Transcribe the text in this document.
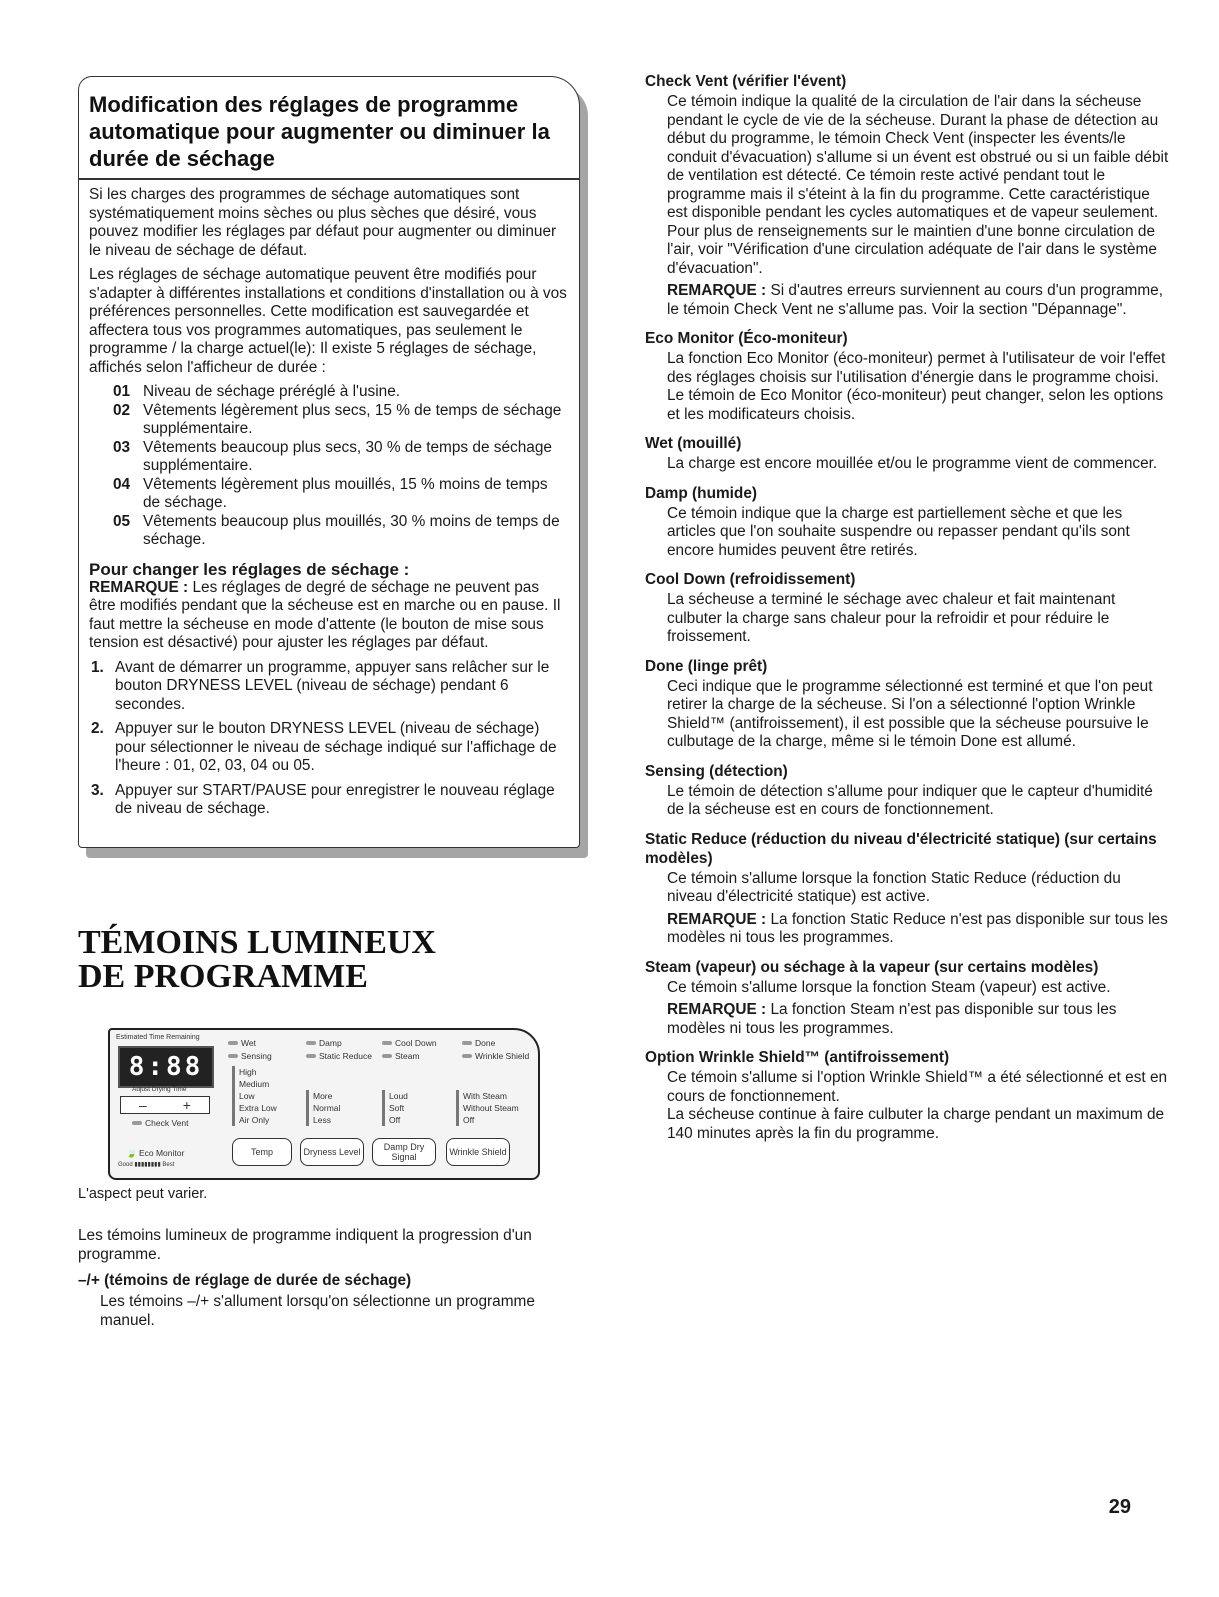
Modification des réglages de programme automatique pour augmenter ou diminuer la durée de séchage

Si les charges des programmes de séchage automatiques sont systématiquement moins sèches ou plus sèches que désiré, vous pouvez modifier les réglages par défaut pour augmenter ou diminuer le niveau de séchage de défaut.

Les réglages de séchage automatique peuvent être modifiés pour s'adapter à différentes installations et conditions d'installation ou à vos préférences personnelles. Cette modification est sauvegardée et affectera tous vos programmes automatiques, pas seulement le programme / la charge actuel(le): Il existe 5 réglages de séchage, affichés selon l'afficheur de durée :

01 Niveau de séchage préréglé à l'usine.
02 Vêtements légèrement plus secs, 15 % de temps de séchage supplémentaire.
03 Vêtements beaucoup plus secs, 30 % de temps de séchage supplémentaire.
04 Vêtements légèrement plus mouillés, 15 % moins de temps de séchage.
05 Vêtements beaucoup plus mouillés, 30 % moins de temps de séchage.
Pour changer les réglages de séchage :

REMARQUE : Les réglages de degré de séchage ne peuvent pas être modifiés pendant que la sécheuse est en marche ou en pause. Il faut mettre la sécheuse en mode d'attente (le bouton de mise sous tension est désactivé) pour ajuster les réglages par défaut.

1. Avant de démarrer un programme, appuyer sans relâcher sur le bouton DRYNESS LEVEL (niveau de séchage) pendant 6 secondes.
2. Appuyer sur le bouton DRYNESS LEVEL (niveau de séchage) pour sélectionner le niveau de séchage indiqué sur l'affichage de l'heure : 01, 02, 03, 04 ou 05.
3. Appuyer sur START/PAUSE pour enregistrer le nouveau réglage de niveau de séchage.
TÉMOINS LUMINEUX
DE PROGRAMME
Estimated Time Remaining
8:88
Adjust Drying Time
–	+
Check Vent
🍃 Eco Monitor
Good ▮▮▮▮▮▮▮▮ Best
Wet	Damp	Cool Down	Done
Sensing	Static Reduce	Steam	Wrinkle Shield
High
Medium
Low
Extra Low
Air Only
More
Normal
Less
Loud
Soft
Off
With Steam
Without Steam
Off
Temp	Dryness Level	Damp Dry Signal	Wrinkle Shield

L'aspect peut varier.

Les témoins lumineux de programme indiquent la progression d'un programme.

–/+ (témoins de réglage de durée de séchage)

Les témoins –/+ s'allument lorsqu'on sélectionne un programme manuel.

Check Vent (vérifier l'évent)

Ce témoin indique la qualité de la circulation de l'air dans la sécheuse pendant le cycle de vie de la sécheuse. Durant la phase de détection au début du programme, le témoin Check Vent (inspecter les évents/le conduit d'évacuation) s'allume si un évent est obstrué ou si un faible débit de ventilation est détecté. Ce témoin reste activé pendant tout le programme mais il s'éteint à la fin du programme. Cette caractéristique est disponible pendant les cycles automatiques et de vapeur seulement. Pour plus de renseignements sur le maintien d'une bonne circulation de l'air, voir "Vérification d'une circulation adéquate de l'air dans le système d'évacuation".

REMARQUE : Si d'autres erreurs surviennent au cours d'un programme, le témoin Check Vent ne s'allume pas. Voir la section "Dépannage".

Eco Monitor (Éco-moniteur)

La fonction Eco Monitor (éco-moniteur) permet à l'utilisateur de voir l'effet des réglages choisis sur l'utilisation d'énergie dans le programme choisi. Le témoin de Eco Monitor (éco-moniteur) peut changer, selon les options et les modificateurs choisis.

Wet (mouillé)

La charge est encore mouillée et/ou le programme vient de commencer.

Damp (humide)

Ce témoin indique que la charge est partiellement sèche et que les articles que l'on souhaite suspendre ou repasser pendant qu'ils sont encore humides peuvent être retirés.

Cool Down (refroidissement)

La sécheuse a terminé le séchage avec chaleur et fait maintenant culbuter la charge sans chaleur pour la refroidir et pour réduire le froissement.

Done (linge prêt)

Ceci indique que le programme sélectionné est terminé et que l'on peut retirer la charge de la sécheuse. Si l'on a sélectionné l'option Wrinkle Shield™ (antifroissement), il est possible que la sécheuse poursuive le culbutage de la charge, même si le témoin Done est allumé.

Sensing (détection)

Le témoin de détection s'allume pour indiquer que le capteur d'humidité de la sécheuse est en cours de fonctionnement.

Static Reduce (réduction du niveau d'électricité statique) (sur certains modèles)

Ce témoin s'allume lorsque la fonction Static Reduce (réduction du niveau d'électricité statique) est active.

REMARQUE : La fonction Static Reduce n'est pas disponible sur tous les modèles ni tous les programmes.

Steam (vapeur) ou séchage à la vapeur (sur certains modèles)

Ce témoin s'allume lorsque la fonction Steam (vapeur) est active.

REMARQUE : La fonction Steam n'est pas disponible sur tous les modèles ni tous les programmes.

Option Wrinkle Shield™ (antifroissement)

Ce témoin s'allume si l'option Wrinkle Shield™ a été sélectionné et est en cours de fonctionnement.

La sécheuse continue à faire culbuter la charge pendant un maximum de 140 minutes après la fin du programme.

29
